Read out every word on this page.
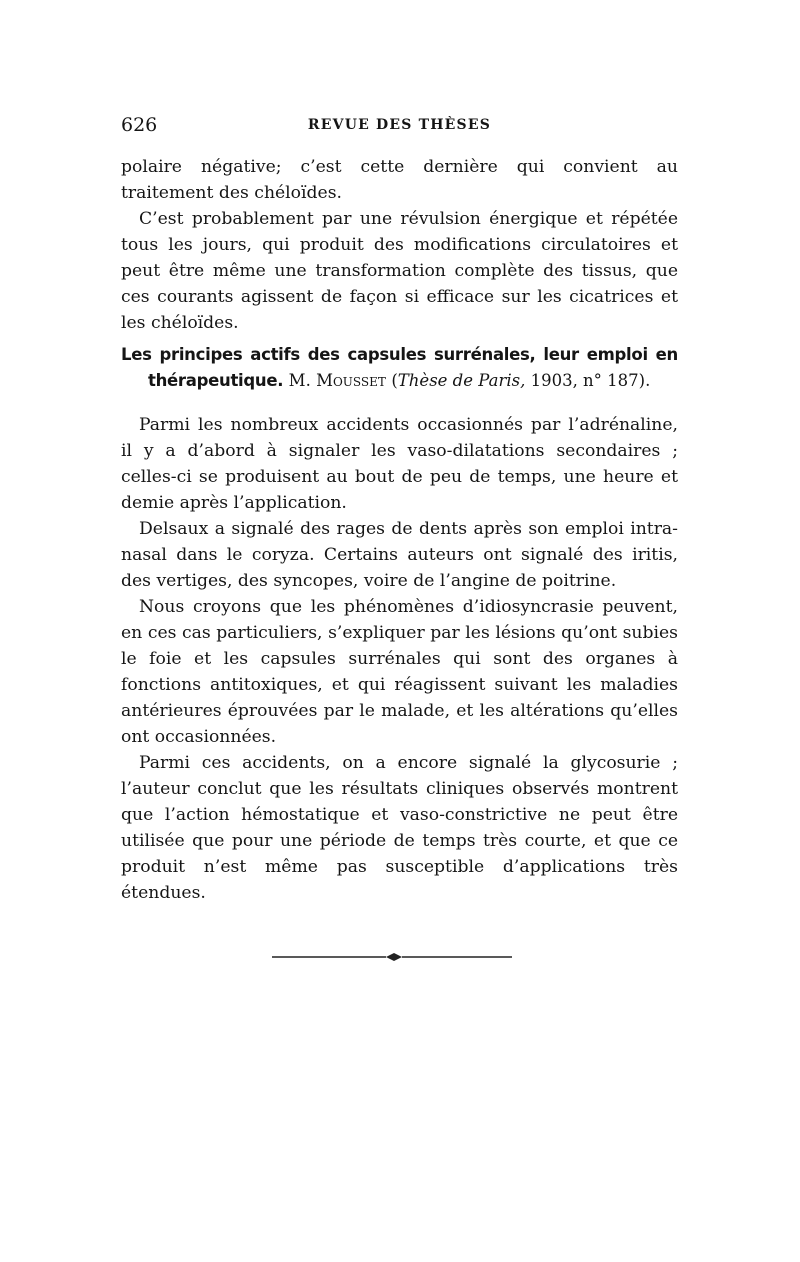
626	REVUE DES THÈSES

polaire négative; c’est cette dernière qui convient au traitement des chéloïdes.

C’est probablement par une révulsion énergique et répétée tous les jours, qui produit des modifications circulatoires et peut être même une transformation complète des tissus, que ces courants agissent de façon si efficace sur les cicatrices et les chéloïdes.

Les principes actifs des capsules surrénales, leur emploi en
thérapeutique. M. Mousset (Thèse de Paris, 1903, n° 187).

Parmi les nombreux accidents occasionnés par l’adrénaline, il y a d’abord à signaler les vaso-dilatations secondaires ; celles-ci se produisent au bout de peu de temps, une heure et demie après l’application.

Delsaux a signalé des rages de dents après son emploi intra-nasal dans le coryza. Certains auteurs ont signalé des iritis, des vertiges, des syncopes, voire de l’angine de poitrine.

Nous croyons que les phénomènes d’idiosyncrasie peuvent, en ces cas particuliers, s’expliquer par les lésions qu’ont subies le foie et les capsules surrénales qui sont des organes à fonctions antitoxiques, et qui réagissent suivant les maladies antérieures éprouvées par le malade, et les altérations qu’elles ont occasionnées.

Parmi ces accidents, on a encore signalé la glycosurie ; l’auteur conclut que les résultats cliniques observés montrent que l’action hémostatique et vaso-constrictive ne peut être utilisée que pour une période de temps très courte, et que ce produit n’est même pas susceptible d’applications très étendues.
